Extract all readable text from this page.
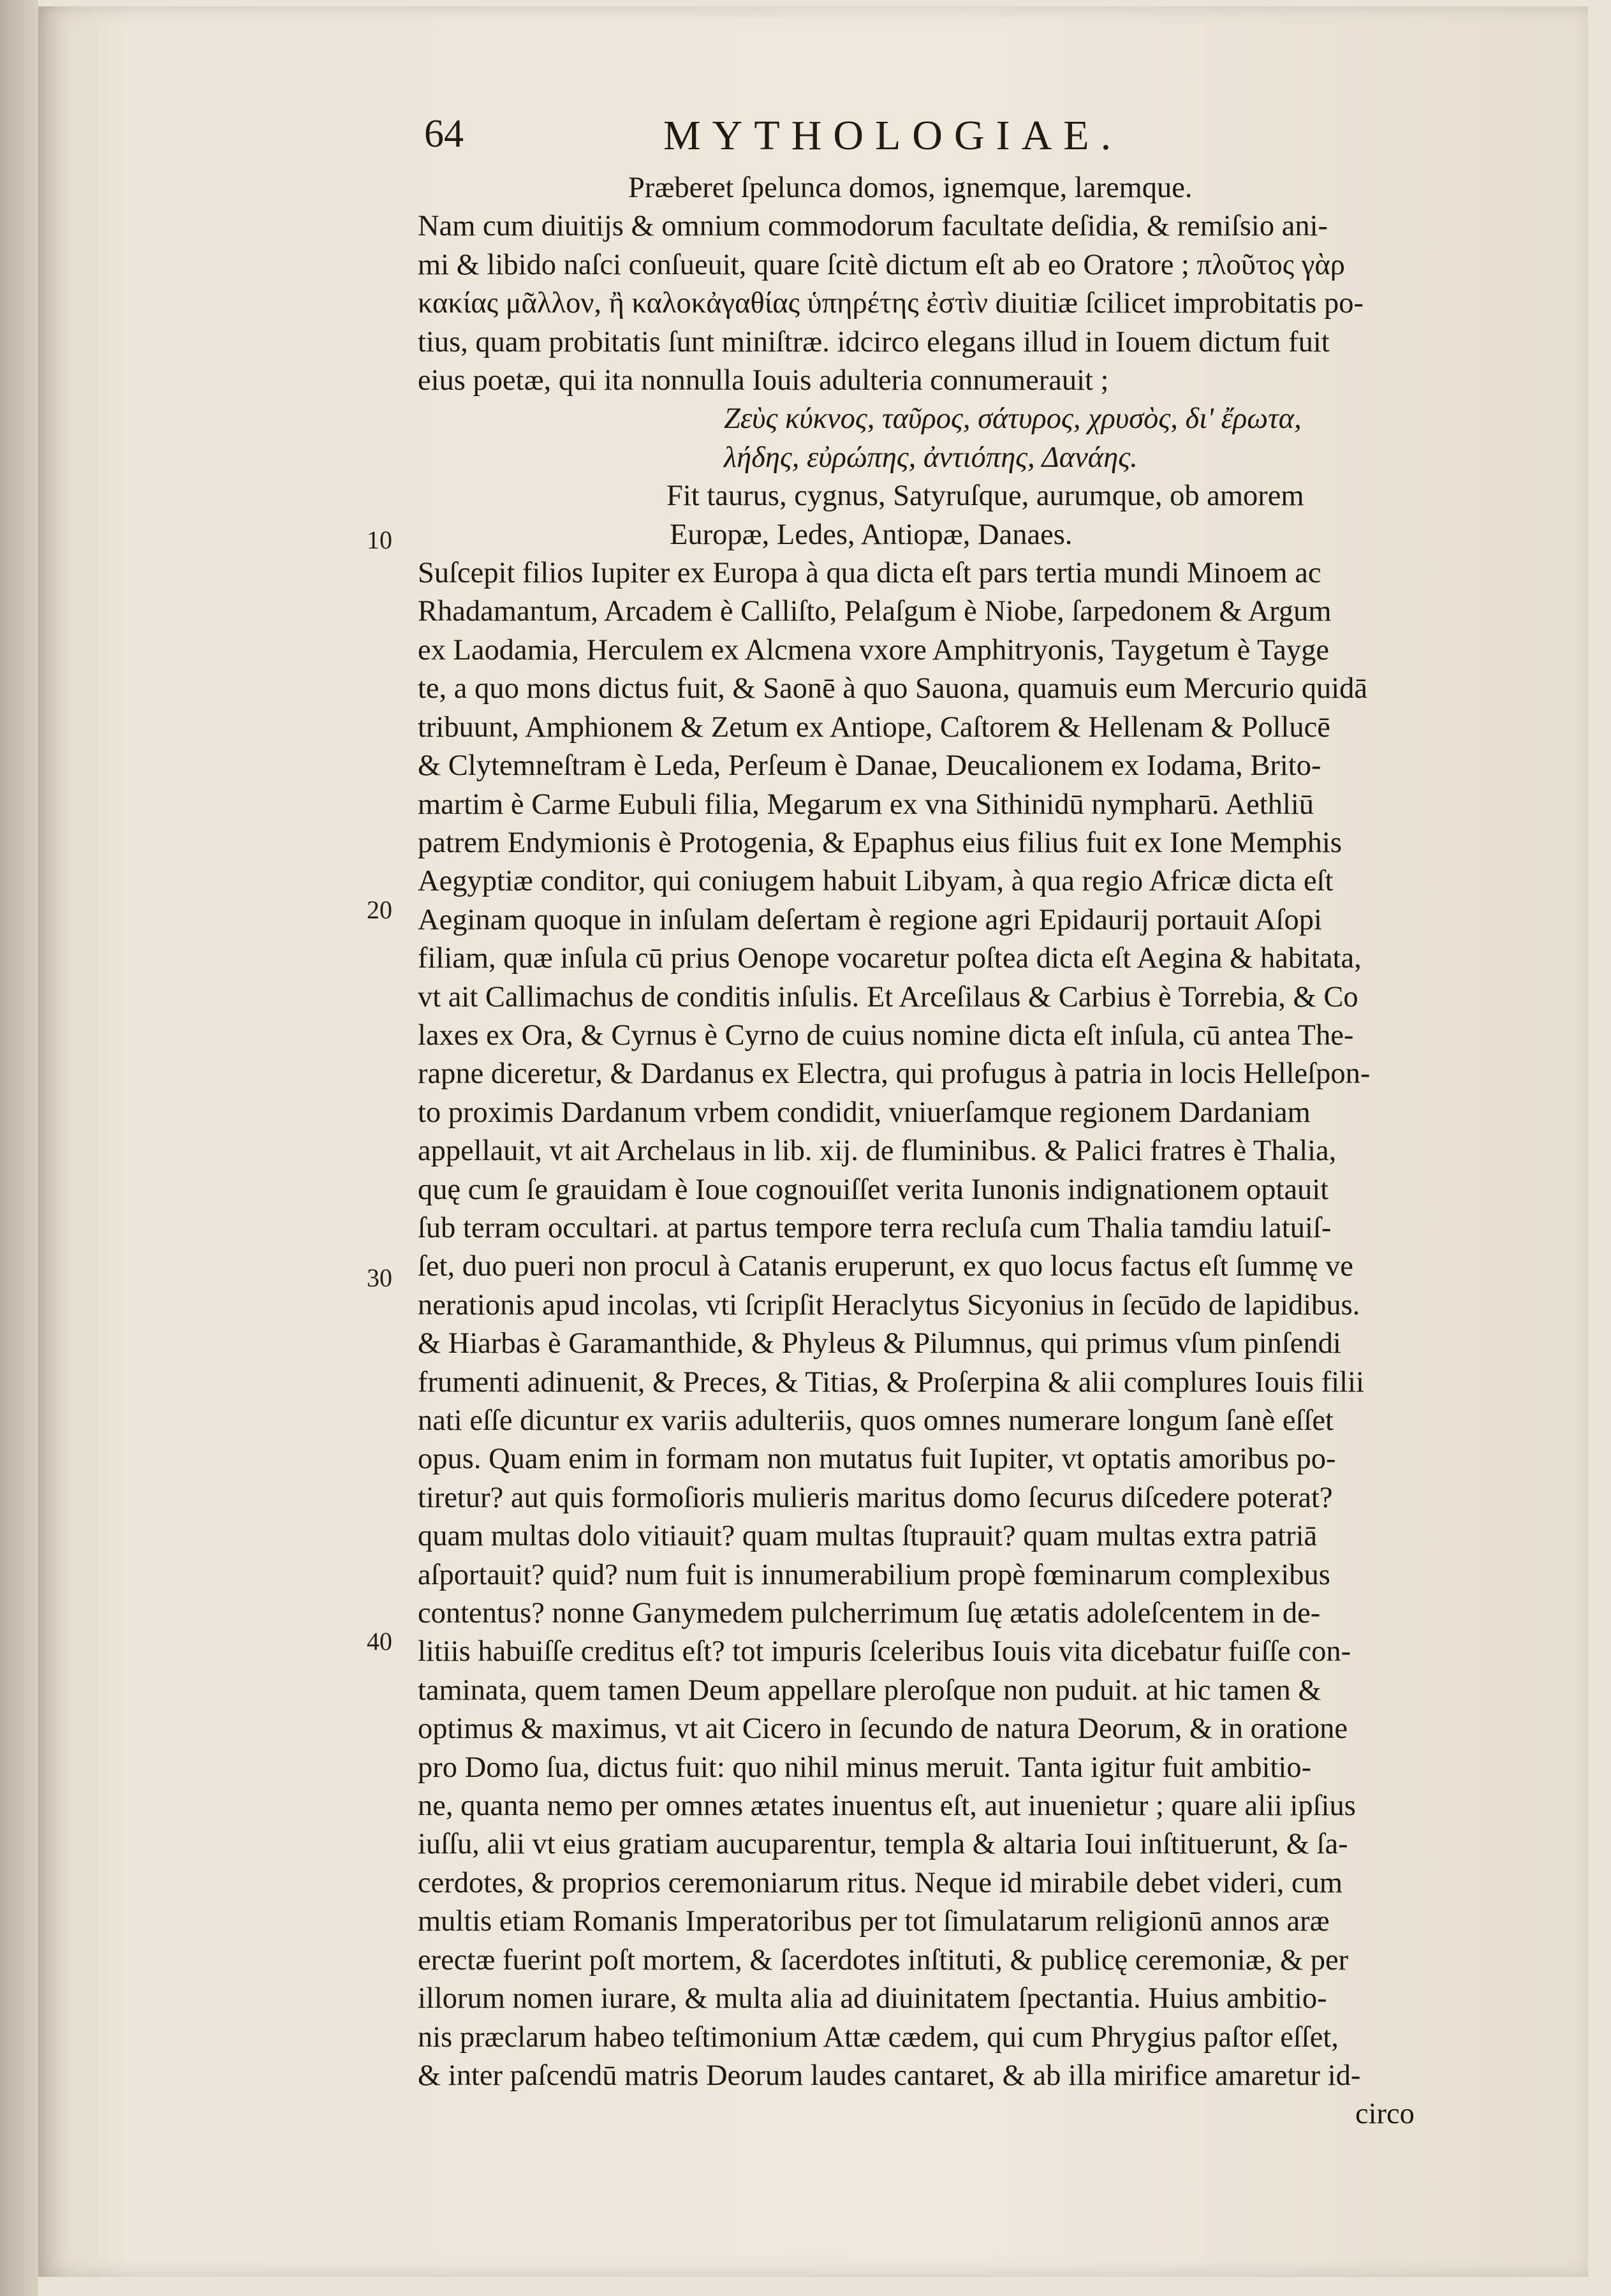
64	MYTHOLOGIAE.
10
20
30
40
Præberet ſpelunca domos, ignemque, laremque.
Nam cum diuitijs & omnium commodorum facultate deſidia, & remiſsio ani-
mi & libido naſci conſueuit, quare ſcitè dictum eſt ab eo Oratore ; πλοῦτος γὰρ
κακίας μᾶλλον, ἢ καλοκἀγαθίας ὑπηρέτης ἐστὶν diuitiæ ſcilicet improbitatis po-
tius, quam probitatis ſunt miniſtræ. idcirco elegans illud in Iouem dictum fuit
eius poetæ, qui ita nonnulla Iouis adulteria connumerauit ;
Ζεὺς κύκνος, ταῦρος, σάτυρος, χρυσὸς, δι' ἔρωτα,
λήδης, εὐρώπης, ἀντιόπης, Δανάης.
Fit taurus, cygnus, Satyruſque, aurumque, ob amorem
Europæ, Ledes, Antiopæ, Danaes.
Suſcepit filios Iupiter ex Europa à qua dicta eſt pars tertia mundi Minoem ac
Rhadamantum, Arcadem è Calliſto, Pelaſgum è Niobe, ſarpedonem & Argum
ex Laodamia, Herculem ex Alcmena vxore Amphitryonis, Taygetum è Tayge
te, a quo mons dictus fuit, & Saonē à quo Sauona, quamuis eum Mercurio quidā
tribuunt, Amphionem & Zetum ex Antiope, Caſtorem & Hellenam & Pollucē
& Clytemneſtram è Leda, Perſeum è Danae, Deucalionem ex Iodama, Brito-
martim è Carme Eubuli filia, Megarum ex vna Sithinidū nympharū. Aethliū
patrem Endymionis è Protogenia, & Epaphus eius filius fuit ex Ione Memphis
Aegyptiæ conditor, qui coniugem habuit Libyam, à qua regio Africæ dicta eſt
Aeginam quoque in inſulam deſertam è regione agri Epidaurij portauit Aſopi
filiam, quæ inſula cū prius Oenope vocaretur poſtea dicta eſt Aegina & habitata,
vt ait Callimachus de conditis inſulis. Et Arceſilaus & Carbius è Torrebia, & Co
laxes ex Ora, & Cyrnus è Cyrno de cuius nomine dicta eſt inſula, cū antea The-
rapne diceretur, & Dardanus ex Electra, qui profugus à patria in locis Helleſpon-
to proximis Dardanum vrbem condidit, vniuerſamque regionem Dardaniam
appellauit, vt ait Archelaus in lib. xij. de fluminibus. & Palici fratres è Thalia,
quę cum ſe grauidam è Ioue cognouiſſet verita Iunonis indignationem optauit
ſub terram occultari. at partus tempore terra recluſa cum Thalia tamdiu latuiſ-
ſet, duo pueri non procul à Catanis eruperunt, ex quo locus factus eſt ſummę ve
nerationis apud incolas, vti ſcripſit Heraclytus Sicyonius in ſecūdo de lapidibus.
& Hiarbas è Garamanthide, & Phyleus & Pilumnus, qui primus vſum pinſendi
frumenti adinuenit, & Preces, & Titias, & Proſerpina & alii complures Iouis filii
nati eſſe dicuntur ex variis adulteriis, quos omnes numerare longum ſanè eſſet
opus. Quam enim in formam non mutatus fuit Iupiter, vt optatis amoribus po-
tiretur? aut quis formoſioris mulieris maritus domo ſecurus diſcedere poterat?
quam multas dolo vitiauit? quam multas ſtuprauit? quam multas extra patriā
aſportauit? quid? num fuit is innumerabilium propè fœminarum complexibus
contentus? nonne Ganymedem pulcherrimum ſuę ætatis adoleſcentem in de-
litiis habuiſſe creditus eſt? tot impuris ſceleribus Iouis vita dicebatur fuiſſe con-
taminata, quem tamen Deum appellare pleroſque non puduit. at hic tamen &
optimus & maximus, vt ait Cicero in ſecundo de natura Deorum, & in oratione
pro Domo ſua, dictus fuit: quo nihil minus meruit. Tanta igitur fuit ambitio-
ne, quanta nemo per omnes ætates inuentus eſt, aut inuenietur ; quare alii ipſius
iuſſu, alii vt eius gratiam aucuparentur, templa & altaria Ioui inſtituerunt, & ſa-
cerdotes, & proprios ceremoniarum ritus. Neque id mirabile debet videri, cum
multis etiam Romanis Imperatoribus per tot ſimulatarum religionū annos aræ
erectæ fuerint poſt mortem, & ſacerdotes inſtituti, & publicę ceremoniæ, & per
illorum nomen iurare, & multa alia ad diuinitatem ſpectantia. Huius ambitio-
nis præclarum habeo teſtimonium Attæ cædem, qui cum Phrygius paſtor eſſet,
& inter paſcendū matris Deorum laudes cantaret, & ab illa mirifice amaretur id-
circo
